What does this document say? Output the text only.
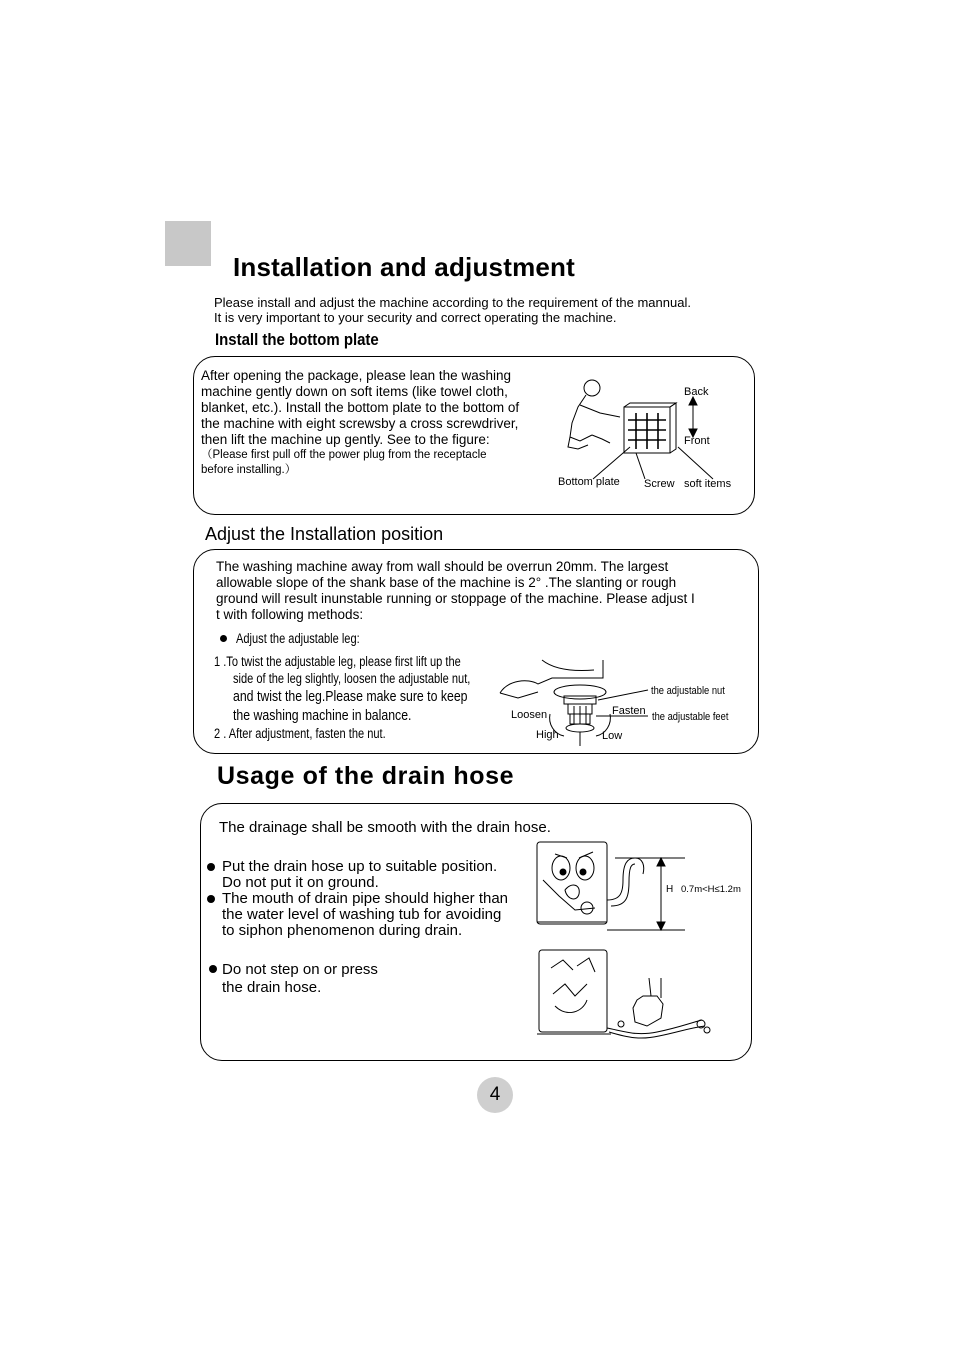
Installation and adjustment
Please install and adjust the machine according to the requirement of the mannual.
It is very important to your security and correct operating the machine.
Install the bottom plate
After opening the package, please lean the washing
machine gently down on soft items (like towel cloth,
blanket, etc.). Install the bottom plate to the bottom of
the machine with eight screwsby a cross screwdriver,
then lift the machine up gently. See to the figure:
（Please first pull off the power plug from the receptacle
before installing.）
Back
Front
Bottom plate Screw soft items
Adjust the Installation position
The washing machine away from wall should be overrun 20mm. The largest
allowable slope of the shank base of the machine is 2° .The slanting or rough
ground will result inunstable running or stoppage of the machine. Please adjust I
t with following methods:
Adjust the adjustable leg:
1 .To twist the adjustable leg, please first lift up the
side of the leg slightly, loosen the adjustable nut,
and twist the leg.Please make sure to keep
the washing machine in balance.
2 . After adjustment, fasten the nut.
the adjustable nut
the adjustable feet
Loosen	Fasten
High	Low
Usage of the drain hose
The drainage shall be smooth with the drain hose.
Put the drain hose up to suitable position.
Do not put it on ground.
The mouth of drain pipe should higher than
the water level of washing tub for avoiding
to siphon phenomenon during drain.
Do not step on or press
the drain hose.
H 0.7m<H≤1.2m
4
